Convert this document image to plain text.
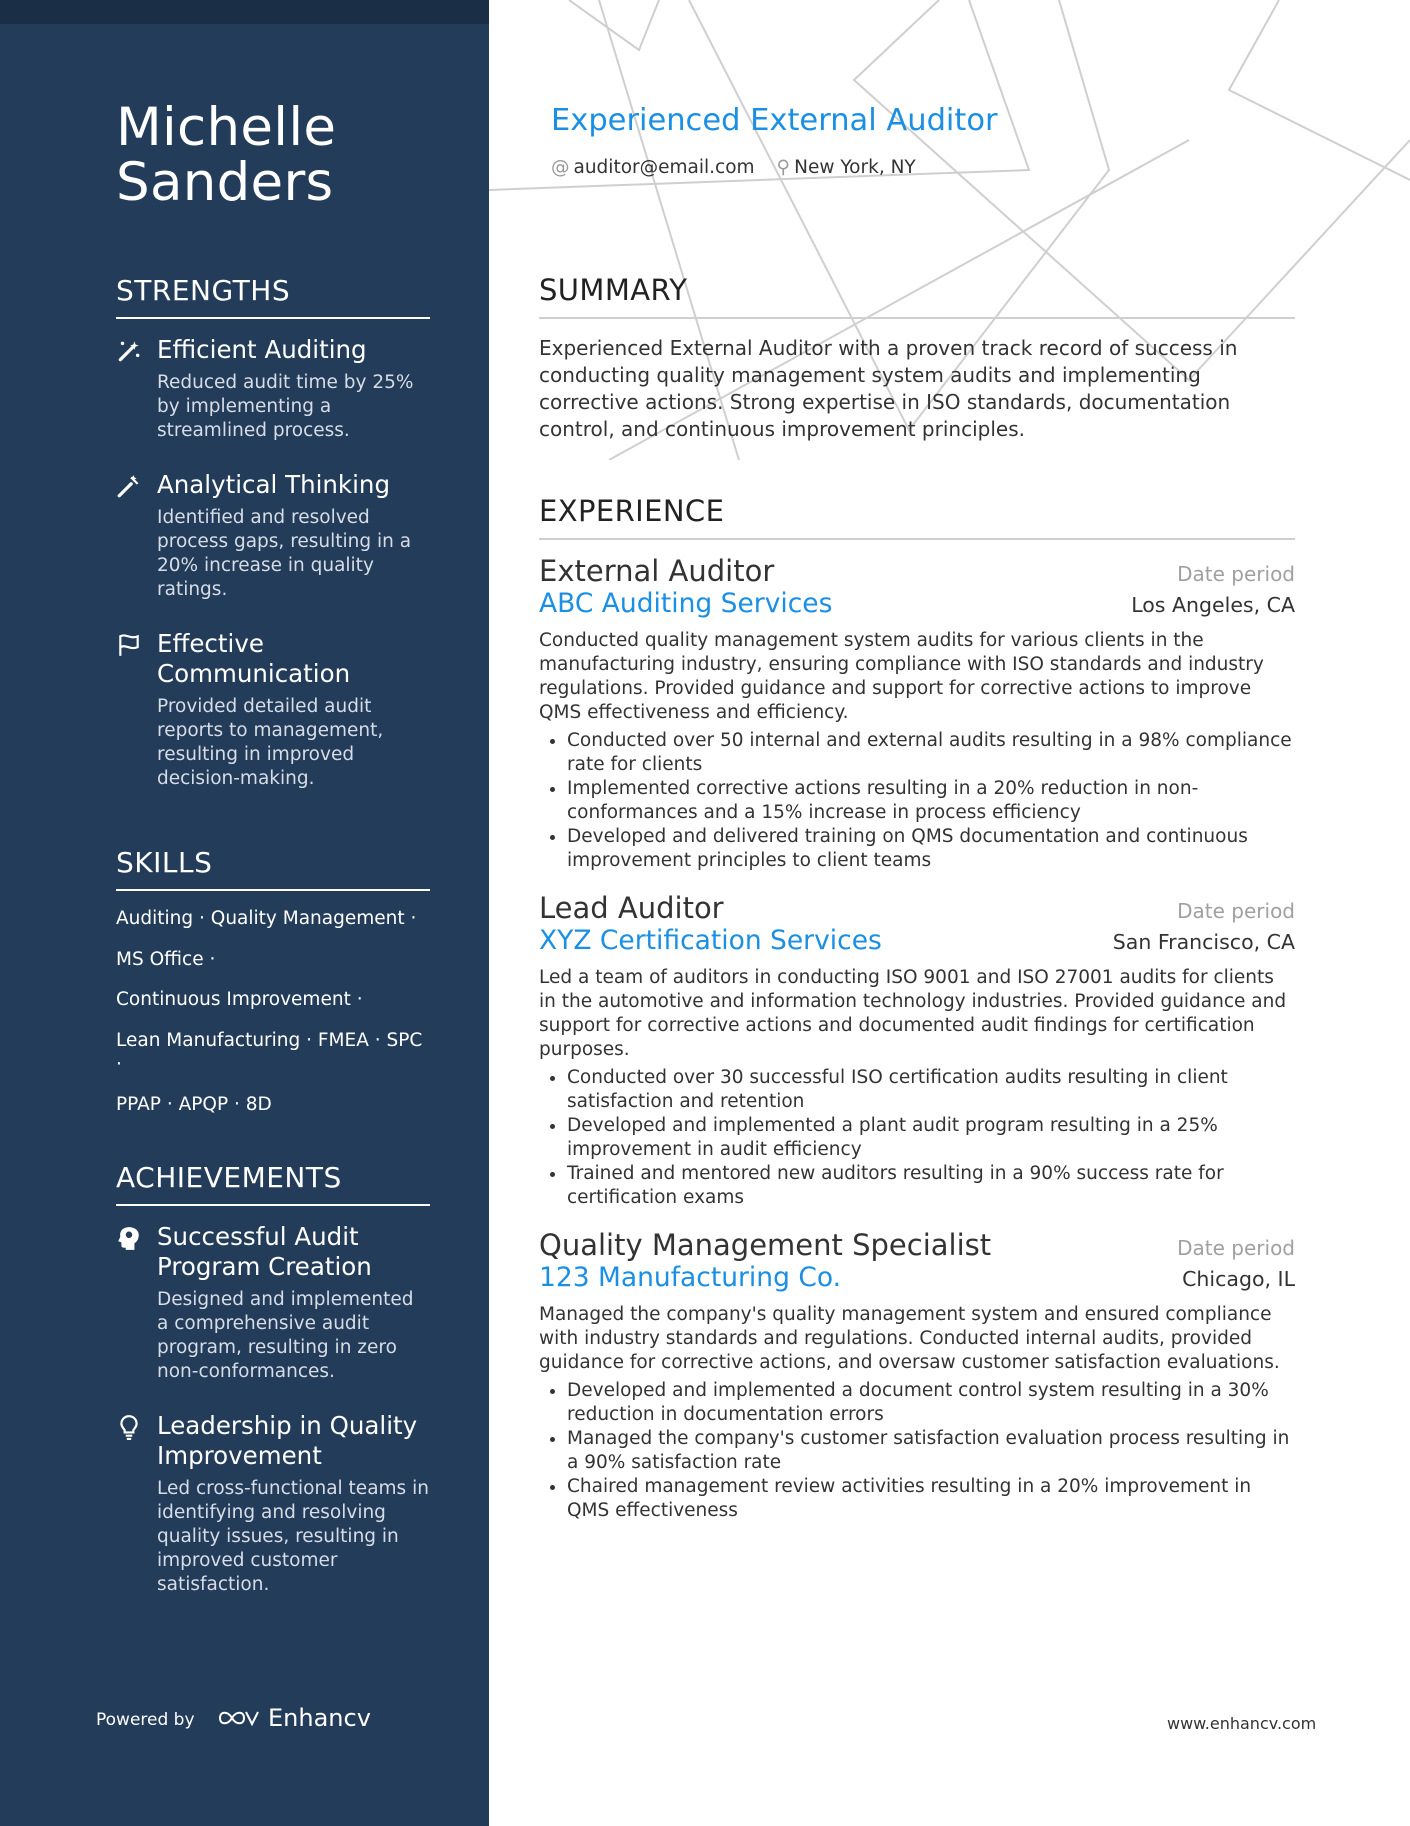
Michelle
Sanders
STRENGTHS
Efficient Auditing
Reduced audit time by 25% by implementing a streamlined process.
Analytical Thinking
Identified and resolved process gaps, resulting in a 20% increase in quality ratings.
Effective Communication
Provided detailed audit reports to management, resulting in improved decision-making.
SKILLS
Auditing · Quality Management ·
MS Office ·
Continuous Improvement ·
Lean Manufacturing · FMEA · SPC ·
PPAP · APQP · 8D
ACHIEVEMENTS
Successful Audit Program Creation
Designed and implemented a comprehensive audit program, resulting in zero non-conformances.
Leadership in Quality Improvement
Led cross-functional teams in identifying and resolving quality issues, resulting in improved customer satisfaction.
Powered by	Enhancv
Experienced External Auditor
@ auditor@email.com ⚲ New York, NY
SUMMARY
Experienced External Auditor with a proven track record of success in conducting quality management system audits and implementing corrective actions. Strong expertise in ISO standards, documentation control, and continuous improvement principles.
EXPERIENCE
External Auditor	Date period
ABC Auditing Services	Los Angeles, CA
Conducted quality management system audits for various clients in the manufacturing industry, ensuring compliance with ISO standards and industry regulations. Provided guidance and support for corrective actions to improve QMS effectiveness and efficiency.
• Conducted over 50 internal and external audits resulting in a 98% compliance rate for clients
• Implemented corrective actions resulting in a 20% reduction in non-conformances and a 15% increase in process efficiency
• Developed and delivered training on QMS documentation and continuous improvement principles to client teams
Lead Auditor	Date period
XYZ Certification Services	San Francisco, CA
Led a team of auditors in conducting ISO 9001 and ISO 27001 audits for clients in the automotive and information technology industries. Provided guidance and support for corrective actions and documented audit findings for certification purposes.
• Conducted over 30 successful ISO certification audits resulting in client satisfaction and retention
• Developed and implemented a plant audit program resulting in a 25% improvement in audit efficiency
• Trained and mentored new auditors resulting in a 90% success rate for certification exams
Quality Management Specialist	Date period
123 Manufacturing Co.	Chicago, IL
Managed the company's quality management system and ensured compliance with industry standards and regulations. Conducted internal audits, provided guidance for corrective actions, and oversaw customer satisfaction evaluations.
• Developed and implemented a document control system resulting in a 30% reduction in documentation errors
• Managed the company's customer satisfaction evaluation process resulting in a 90% satisfaction rate
• Chaired management review activities resulting in a 20% improvement in QMS effectiveness
www.enhancv.com
